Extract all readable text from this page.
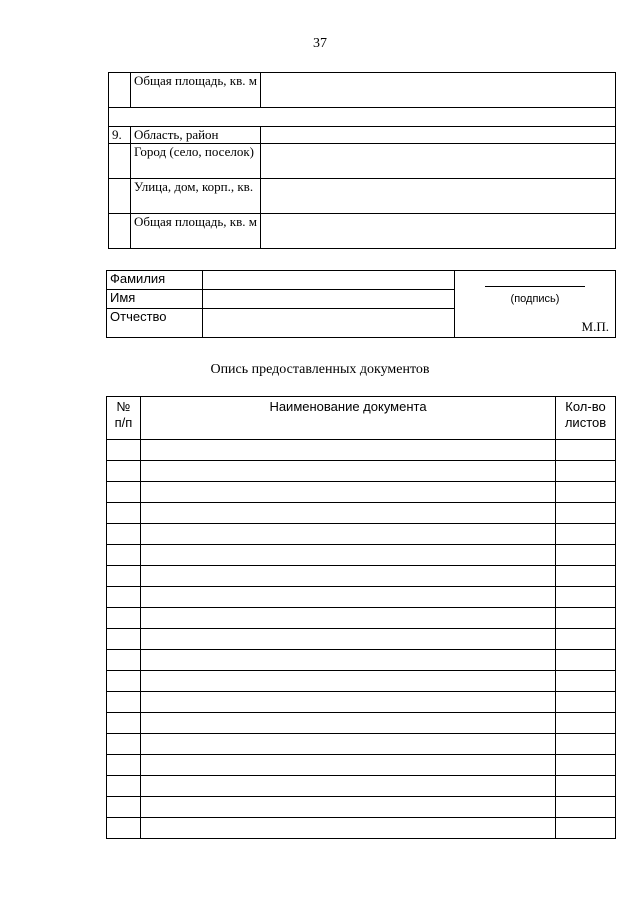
37
	Общая площадь, кв. м	

9.	Область, район	
	Город (село, поселок)	
	Улица, дом, корп., кв.	
	Общая площадь, кв. м	
Фамилия		(подпись)
М.П.

Имя		
Отчество		
Опись предоставленных документов
№ п/п	Наименование документа	Кол-во листов
